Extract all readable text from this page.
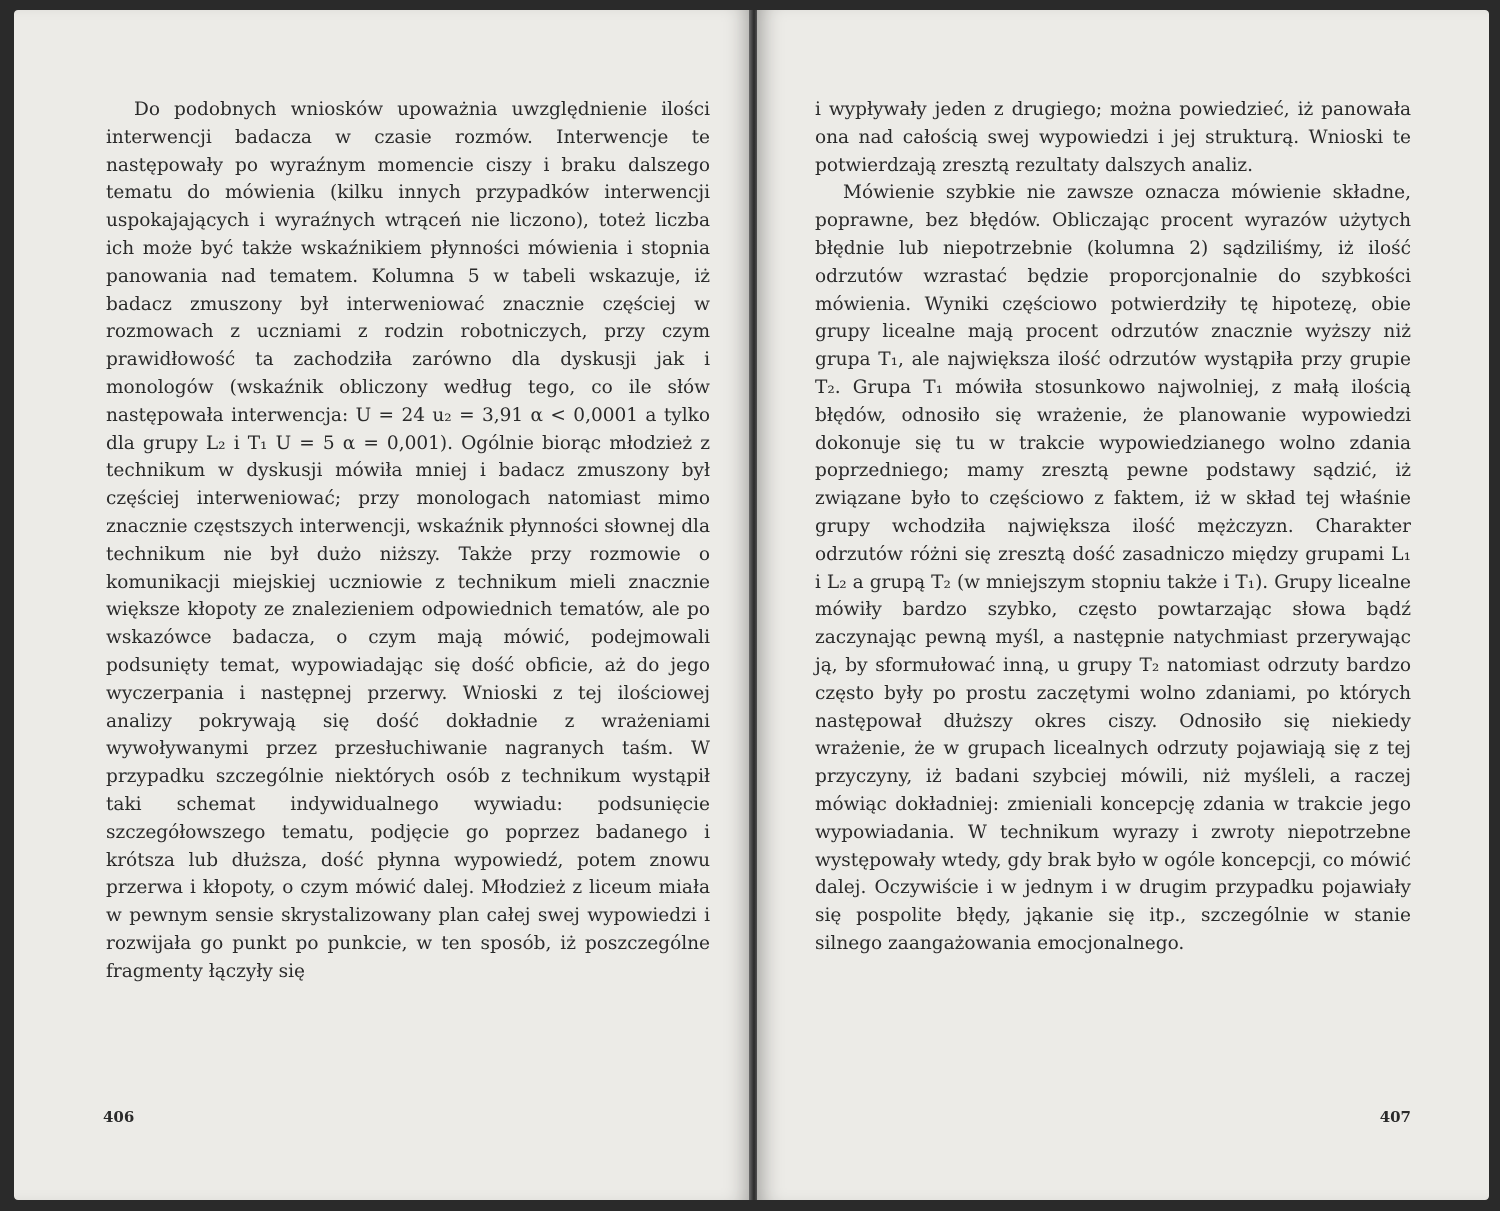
Do podobnych wniosków upoważnia uwzględnienie ilości interwencji badacza w czasie rozmów. Interwencje te następowały po wyraźnym momencie ciszy i braku dalszego tematu do mówienia (kilku innych przypadków interwencji uspokajających i wyraźnych wtrąceń nie liczono), toteż liczba ich może być także wskaźnikiem płynności mówienia i stopnia panowania nad tematem. Kolumna 5 w tabeli wskazuje, iż badacz zmuszony był interweniować znacznie częściej w rozmowach z uczniami z rodzin robotniczych, przy czym prawidłowość ta zachodziła zarówno dla dyskusji jak i monologów (wskaźnik obliczony według tego, co ile słów następowała interwencja: U = 24 u₂ = 3,91 α < 0,0001 a tylko dla grupy L₂ i T₁ U = 5 α = 0,001). Ogólnie biorąc młodzież z technikum w dyskusji mówiła mniej i badacz zmuszony był częściej interweniować; przy monologach natomiast mimo znacznie częstszych interwencji, wskaźnik płynności słownej dla technikum nie był dużo niższy. Także przy rozmowie o komunikacji miejskiej uczniowie z technikum mieli znacznie większe kłopoty ze znalezieniem odpowiednich tematów, ale po wskazówce badacza, o czym mają mówić, podejmowali podsunięty temat, wypowiadając się dość obficie, aż do jego wyczerpania i następnej przerwy. Wnioski z tej ilościowej analizy pokrywają się dość dokładnie z wrażeniami wywoływanymi przez przesłuchiwanie nagranych taśm. W przypadku szczególnie niektórych osób z technikum wystąpił taki schemat indywidualnego wywiadu: podsunięcie szczegółowszego tematu, podjęcie go poprzez badanego i krótsza lub dłuższa, dość płynna wypowiedź, potem znowu przerwa i kłopoty, o czym mówić dalej. Młodzież z liceum miała w pewnym sensie skrystalizowany plan całej swej wypowiedzi i rozwijała go punkt po punkcie, w ten sposób, iż poszczególne fragmenty łączyły się

406

i wypływały jeden z drugiego; można powiedzieć, iż panowała ona nad całością swej wypowiedzi i jej strukturą. Wnioski te potwierdzają zresztą rezultaty dalszych analiz.

Mówienie szybkie nie zawsze oznacza mówienie składne, poprawne, bez błędów. Obliczając procent wyrazów użytych błędnie lub niepotrzebnie (kolumna 2) sądziliśmy, iż ilość odrzutów wzrastać będzie proporcjonalnie do szybkości mówienia. Wyniki częściowo potwierdziły tę hipotezę, obie grupy licealne mają procent odrzutów znacznie wyższy niż grupa T₁, ale największa ilość odrzutów wystąpiła przy grupie T₂. Grupa T₁ mówiła stosunkowo najwolniej, z małą ilością błędów, odnosiło się wrażenie, że planowanie wypowiedzi dokonuje się tu w trakcie wypowiedzianego wolno zdania poprzedniego; mamy zresztą pewne podstawy sądzić, iż związane było to częściowo z faktem, iż w skład tej właśnie grupy wchodziła największa ilość mężczyzn. Charakter odrzutów różni się zresztą dość zasadniczo między grupami L₁ i L₂ a grupą T₂ (w mniejszym stopniu także i T₁). Grupy licealne mówiły bardzo szybko, często powtarzając słowa bądź zaczynając pewną myśl, a następnie natychmiast przerywając ją, by sformułować inną, u grupy T₂ natomiast odrzuty bardzo często były po prostu zaczętymi wolno zdaniami, po których następował dłuższy okres ciszy. Odnosiło się niekiedy wrażenie, że w grupach licealnych odrzuty pojawiają się z tej przyczyny, iż badani szybciej mówili, niż myśleli, a raczej mówiąc dokładniej: zmieniali koncepcję zdania w trakcie jego wypowiadania. W technikum wyrazy i zwroty niepotrzebne występowały wtedy, gdy brak było w ogóle koncepcji, co mówić dalej. Oczywiście i w jednym i w drugim przypadku pojawiały się pospolite błędy, jąkanie się itp., szczególnie w stanie silnego zaangażowania emocjonalnego.

407
